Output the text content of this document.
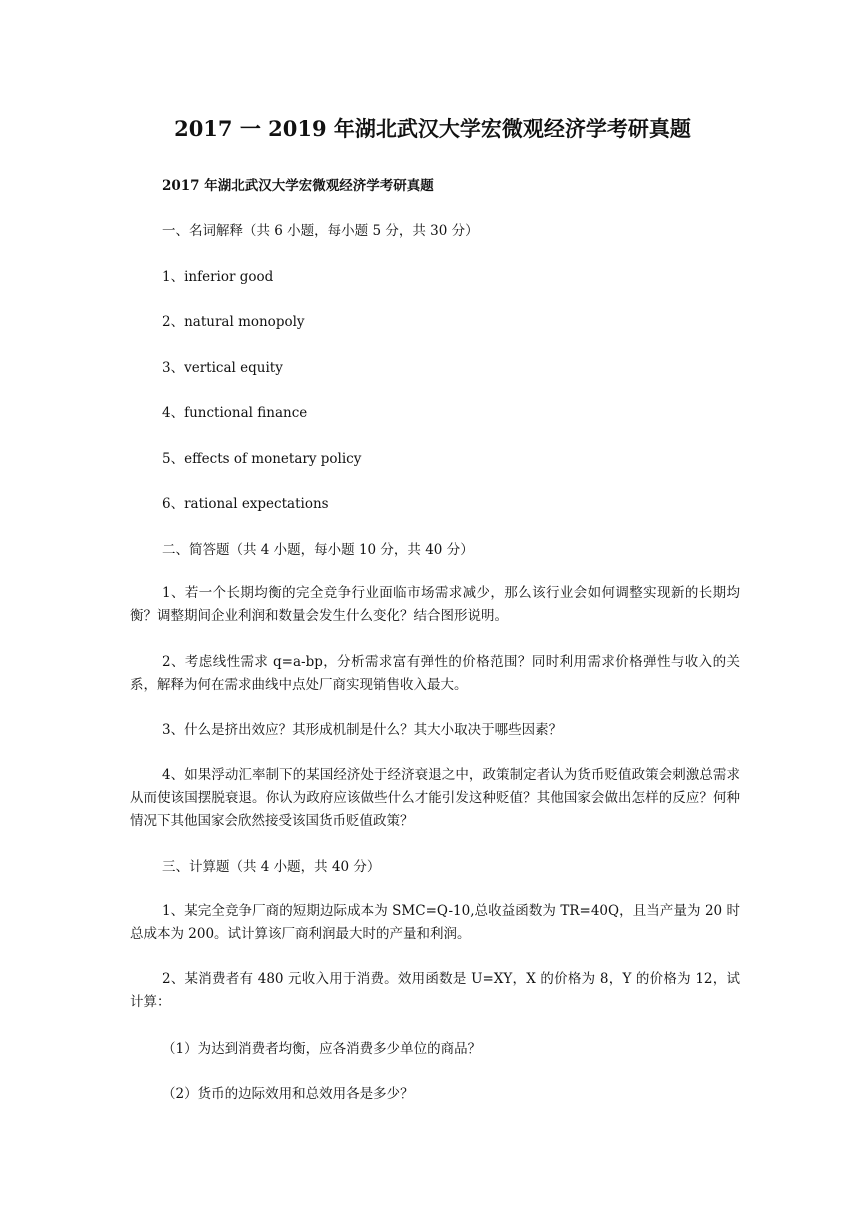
2017 一 2019 年湖北武汉大学宏微观经济学考研真题
2017 年湖北武汉大学宏微观经济学考研真题
一、名词解释（共 6 小题，每小题 5 分，共 30 分）
1、inferior good
2、natural monopoly
3、vertical equity
4、functional finance
5、effects of monetary policy
6、rational expectations
二、简答题（共 4 小题，每小题 10 分，共 40 分）
1、若一个长期均衡的完全竞争行业面临市场需求减少，那么该行业会如何调整实现新的长期均衡？调整期间企业利润和数量会发生什么变化？结合图形说明。
2、考虑线性需求 q=a-bp，分析需求富有弹性的价格范围？同时利用需求价格弹性与收入的关系，解释为何在需求曲线中点处厂商实现销售收入最大。
3、什么是挤出效应？其形成机制是什么？其大小取决于哪些因素？
4、如果浮动汇率制下的某国经济处于经济衰退之中，政策制定者认为货币贬值政策会刺激总需求从而使该国摆脱衰退。你认为政府应该做些什么才能引发这种贬值？其他国家会做出怎样的反应？何种情况下其他国家会欣然接受该国货币贬值政策？
三、计算题（共 4 小题，共 40 分）
1、某完全竞争厂商的短期边际成本为 SMC=Q-10,总收益函数为 TR=40Q，且当产量为 20 时总成本为 200。试计算该厂商利润最大时的产量和利润。
2、某消费者有 480 元收入用于消费。效用函数是 U=XY，X 的价格为 8，Y 的价格为 12，试计算：
（1）为达到消费者均衡，应各消费多少单位的商品？
（2）货币的边际效用和总效用各是多少？
